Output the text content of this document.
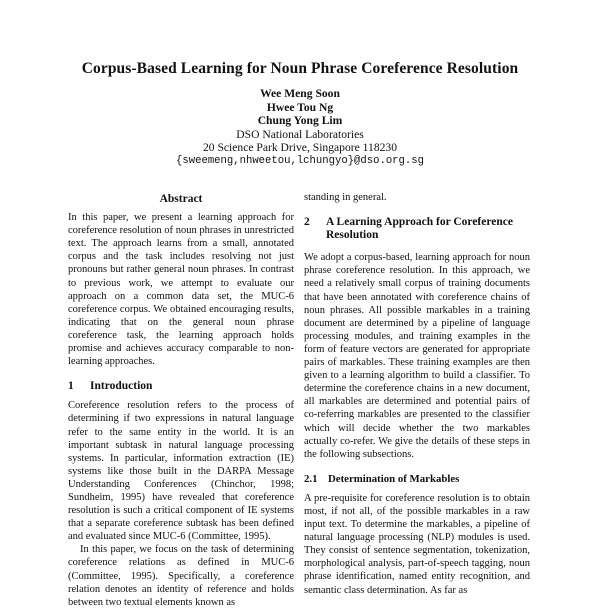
Corpus-Based Learning for Noun Phrase Coreference Resolution
Wee Meng Soon
Hwee Tou Ng
Chung Yong Lim
DSO National Laboratories
20 Science Park Drive, Singapore 118230
{sweemeng,nhweetou,lchungyo}@dso.org.sg
Abstract

In this paper, we present a learning approach for coreference resolution of noun phrases in unrestricted text. The approach learns from a small, annotated corpus and the task includes resolving not just pronouns but rather general noun phrases. In contrast to previous work, we attempt to evaluate our approach on a common data set, the MUC-6 coreference corpus. We obtained encouraging results, indicating that on the general noun phrase coreference task, the learning approach holds promise and achieves accuracy comparable to non-learning approaches.

1	Introduction

Coreference resolution refers to the process of determining if two expressions in natural language refer to the same entity in the world. It is an important subtask in natural language processing systems. In particular, information extraction (IE) systems like those built in the DARPA Message Understanding Conferences (Chinchor, 1998; Sundheim, 1995) have revealed that coreference resolution is such a critical component of IE systems that a separate coreference subtask has been defined and evaluated since MUC-6 (Committee, 1995).

In this paper, we focus on the task of determining coreference relations as defined in MUC-6 (Committee, 1995). Specifically, a coreference relation denotes an identity of reference and holds between two textual elements known as

standing in general.

2	A Learning Approach for Coreference Resolution

We adopt a corpus-based, learning approach for noun phrase coreference resolution. In this approach, we need a relatively small corpus of training documents that have been annotated with coreference chains of noun phrases. All possible markables in a training document are determined by a pipeline of language processing modules, and training examples in the form of feature vectors are generated for appropriate pairs of markables. These training examples are then given to a learning algorithm to build a classifier. To determine the coreference chains in a new document, all markables are determined and potential pairs of co-referring markables are presented to the classifier which will decide whether the two markables actually co-refer. We give the details of these steps in the following subsections.

2.1 Determination of Markables

A pre-requisite for coreference resolution is to obtain most, if not all, of the possible markables in a raw input text. To determine the markables, a pipeline of natural language processing (NLP) modules is used. They consist of sentence segmentation, tokenization, morphological analysis, part-of-speech tagging, noun phrase identification, named entity recognition, and semantic class determination. As far as
